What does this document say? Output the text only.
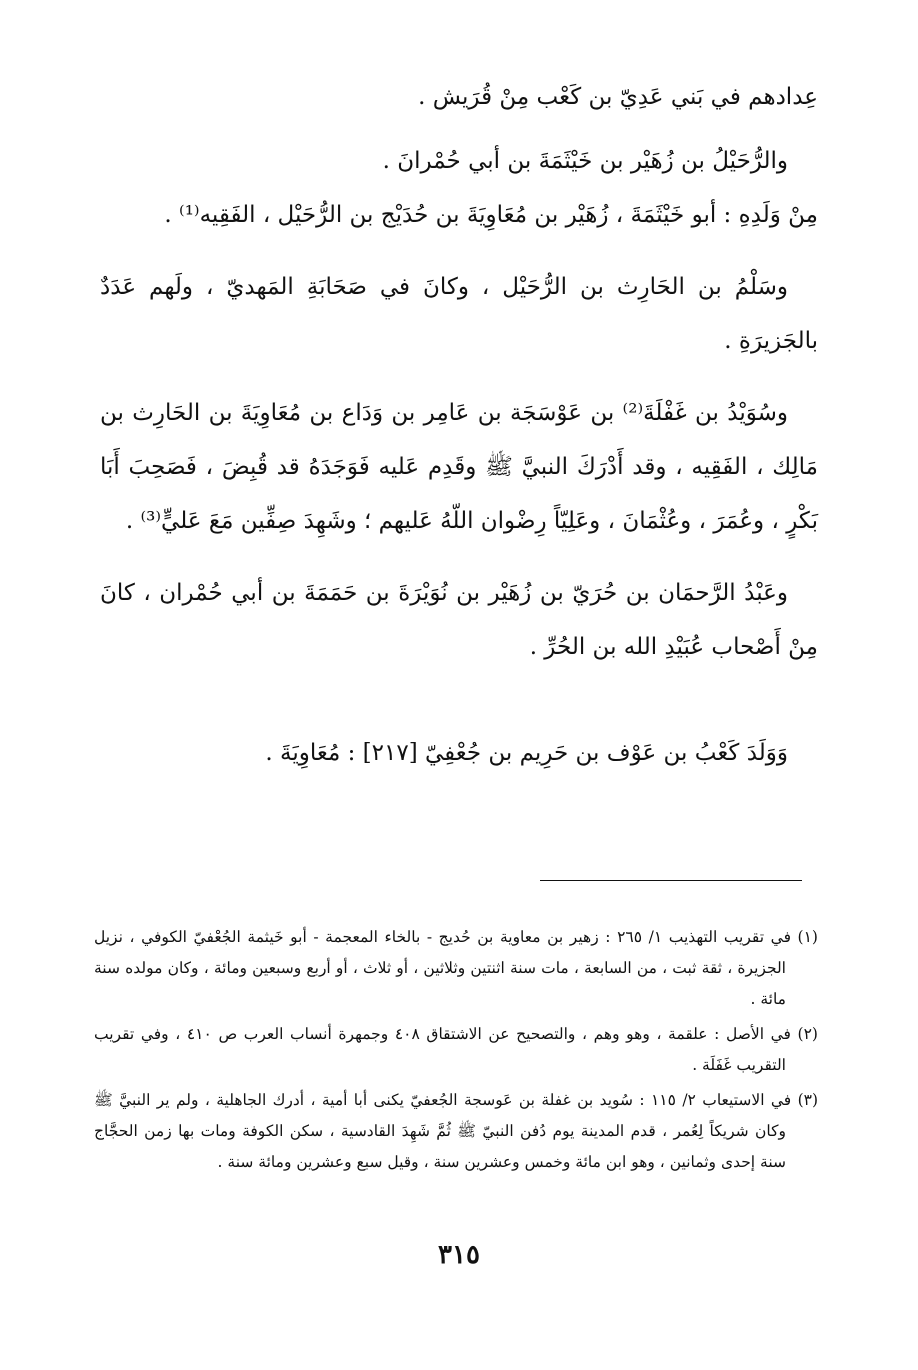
عِدادهم في بَني عَدِيّ بن كَعْب مِنْ قُرَيش .

والرُّحَيْلُ بن زُهَيْر بن خَيْثَمَةَ بن أبي حُمْرانَ .

مِنْ وَلَدِهِ : أبو خَيْثَمَةَ ، زُهَيْر بن مُعَاوِيَةَ بن حُدَيْج بن الرُّحَيْل ، الفَقِيه⁽¹⁾ .

وسَلْمُ بن الحَارِث بن الرُّحَيْل ، وكانَ في صَحَابَةِ المَهديّ ، ولَهم عَدَدٌ بالجَزيرَةِ .

وسُوَيْدُ بن غَفْلَةَ⁽²⁾ بن عَوْسَجَة بن عَامِر بن وَدَاع بن مُعَاوِيَةَ بن الحَارِث بن مَالِك ، الفَقِيه ، وقد أَدْرَكَ النبيَّ ﷺ وقَدِم عَليه فَوَجَدَهُ قد قُبِضَ ، فَصَحِبَ أَبَا بَكْرٍ ، وعُمَرَ ، وعُثْمَانَ ، وعَلِيّاً رِضْوان اللّهُ عَليهم ؛ وشَهِدَ صِفِّين مَعَ عَليٍّ⁽³⁾ .

وعَبْدُ الرَّحمَان بن حُرَيّ بن زُهَيْر بن نُوَيْرَةَ بن حَمَمَةَ بن أبي حُمْران ، كانَ مِنْ أَصْحاب عُبَيْدِ الله بن الحُرِّ .

وَوَلَدَ كَعْبُ بن عَوْف بن حَرِيم بن جُعْفِيّ [٢١٧] : مُعَاوِيَةَ .

(١) في تقريب التهذيب ١/ ٢٦٥ : زهير بن معاوية بن حُديج - بالخاء المعجمة - أبو خَيثمة الجُعْفيّ الكوفي ، نزيل الجزيرة ، ثقة ثبت ، من السابعة ، مات سنة اثنتين وثلاثين ، أو ثلاث ، أو أربع وسبعين ومائة ، وكان مولده سنة مائة .

(٢) في الأصل : علقمة ، وهو وهم ، والتصحيح عن الاشتقاق ٤٠٨ وجمهرة أنساب العرب ص ٤١٠ ، وفي تقريب التقريب غَفَلَة .

(٣) في الاستيعاب ٢/ ١١٥ : سُويد بن غفلة بن عَوسجة الجُعفيّ يكنى أبا أمية ، أدرك الجاهلية ، ولم ير النبيَّ ﷺ وكان شريكاً لِعُمر ، قدم المدينة يوم دُفن النبيّ ﷺ ثُمَّ شَهِدَ القادسية ، سكن الكوفة ومات بها زمن الحجَّاج سنة إحدى وثمانين ، وهو ابن مائة وخمس وعشرين سنة ، وقيل سبع وعشرين ومائة سنة .

٣١٥
